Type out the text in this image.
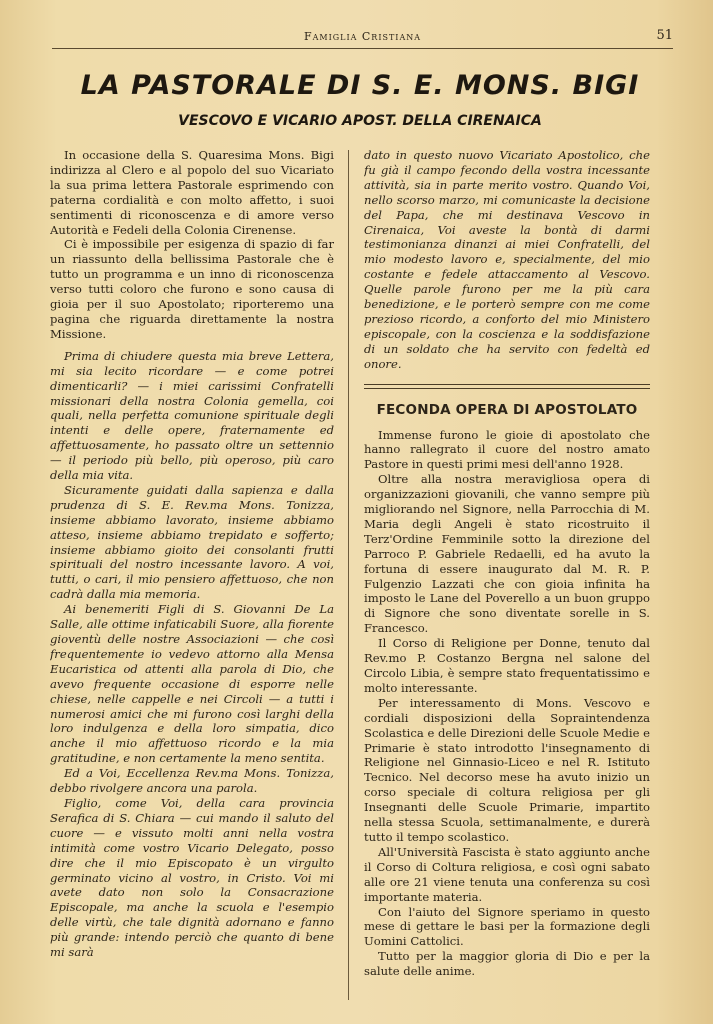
Famiglia Cristiana	51
LA PASTORALE DI S. E. MONS. BIGI
VESCOVO E VICARIO APOST. DELLA CIRENAICA

In occasione della S. Quaresima Mons. Bigi indirizza al Clero e al popolo del suo Vicariato la sua prima lettera Pastorale esprimendo con paterna cordialità e con molto affetto, i suoi sentimenti di riconoscenza e di amore verso Autorità e Fedeli della Colonia Cirenense.

Ci è impossibile per esigenza di spazio di far un riassunto della bellissima Pastorale che è tutto un programma e un inno di riconoscenza verso tutti coloro che furono e sono causa di gioia per il suo Apostolato; riporteremo una pagina che riguarda direttamente la nostra Missione.

Prima di chiudere questa mia breve Lettera, mi sia lecito ricordare — e come potrei dimenticarli? — i miei carissimi Confratelli missionari della nostra Colonia gemella, coi quali, nella perfetta comunione spirituale degli intenti e delle opere, fraternamente ed affettuosamente, ho passato oltre un settennio — il periodo più bello, più operoso, più caro della mia vita.

Sicuramente guidati dalla sapienza e dalla prudenza di S. E. Rev.ma Mons. Tonizza, insieme abbiamo lavorato, insieme abbiamo atteso, insieme abbiamo trepidato e sofferto; insieme abbiamo gioito dei consolanti frutti spirituali del nostro incessante lavoro. A voi, tutti, o cari, il mio pensiero affettuoso, che non cadrà dalla mia memoria.

Ai benemeriti Figli di S. Giovanni De La Salle, alle ottime infaticabili Suore, alla fiorente gioventù delle nostre Associazioni — che così frequentemente io vedevo attorno alla Mensa Eucaristica od attenti alla parola di Dio, che avevo frequente occasione di esporre nelle chiese, nelle cappelle e nei Circoli — a tutti i numerosi amici che mi furono così larghi della loro indulgenza e della loro simpatia, dico anche il mio affettuoso ricordo e la mia gratitudine, e non certamente la meno sentita.

Ed a Voi, Eccellenza Rev.ma Mons. Tonizza, debbo rivolgere ancora una parola.

Figlio, come Voi, della cara provincia Serafica di S. Chiara — cui mando il saluto del cuore — e vissuto molti anni nella vostra intimità come vostro Vicario Delegato, posso dire che il mio Episcopato è un virgulto germinato vicino al vostro, in Cristo. Voi mi avete dato non solo la Consacrazione Episcopale, ma anche la scuola e l'esempio delle virtù, che tale dignità adornano e fanno più grande: intendo perciò che quanto di bene mi sarà

dato in questo nuovo Vicariato Apostolico, che fu già il campo fecondo della vostra incessante attività, sia in parte merito vostro. Quando Voi, nello scorso marzo, mi comunicaste la decisione del Papa, che mi destinava Vescovo in Cirenaica, Voi aveste la bontà di darmi testimonianza dinanzi ai miei Confratelli, del mio modesto lavoro e, specialmente, del mio costante e fedele attaccamento al Vescovo. Quelle parole furono per me la più cara benedizione, e le porterò sempre con me come prezioso ricordo, a conforto del mio Ministero episcopale, con la coscienza e la soddisfazione di un soldato che ha servito con fedeltà ed onore.

FECONDA OPERA DI APOSTOLATO

Immense furono le gioie di apostolato che hanno rallegrato il cuore del nostro amato Pastore in questi primi mesi dell'anno 1928.

Oltre alla nostra meravigliosa opera di organizzazioni giovanili, che vanno sempre più migliorando nel Signore, nella Parrocchia di M. Maria degli Angeli è stato ricostruito il Terz'Ordine Femminile sotto la direzione del Parroco P. Gabriele Redaelli, ed ha avuto la fortuna di essere inaugurato dal M. R. P. Fulgenzio Lazzati che con gioia infinita ha imposto le Lane del Poverello a un buon gruppo di Signore che sono diventate sorelle in S. Francesco.

Il Corso di Religione per Donne, tenuto dal Rev.mo P. Costanzo Bergna nel salone del Circolo Libia, è sempre stato frequentatissimo e molto interessante.

Per interessamento di Mons. Vescovo e cordiali disposizioni della Sopraintendenza Scolastica e delle Direzioni delle Scuole Medie e Primarie è stato introdotto l'insegnamento di Religione nel Ginnasio-Liceo e nel R. Istituto Tecnico. Nel decorso mese ha avuto inizio un corso speciale di coltura religiosa per gli Insegnanti delle Scuole Primarie, impartito nella stessa Scuola, settimanalmente, e durerà tutto il tempo scolastico.

All'Università Fascista è stato aggiunto anche il Corso di Coltura religiosa, e così ogni sabato alle ore 21 viene tenuta una conferenza su così importante materia.

Con l'aiuto del Signore speriamo in questo mese di gettare le basi per la formazione degli Uomini Cattolici.

Tutto per la maggior gloria di Dio e per la salute delle anime.
